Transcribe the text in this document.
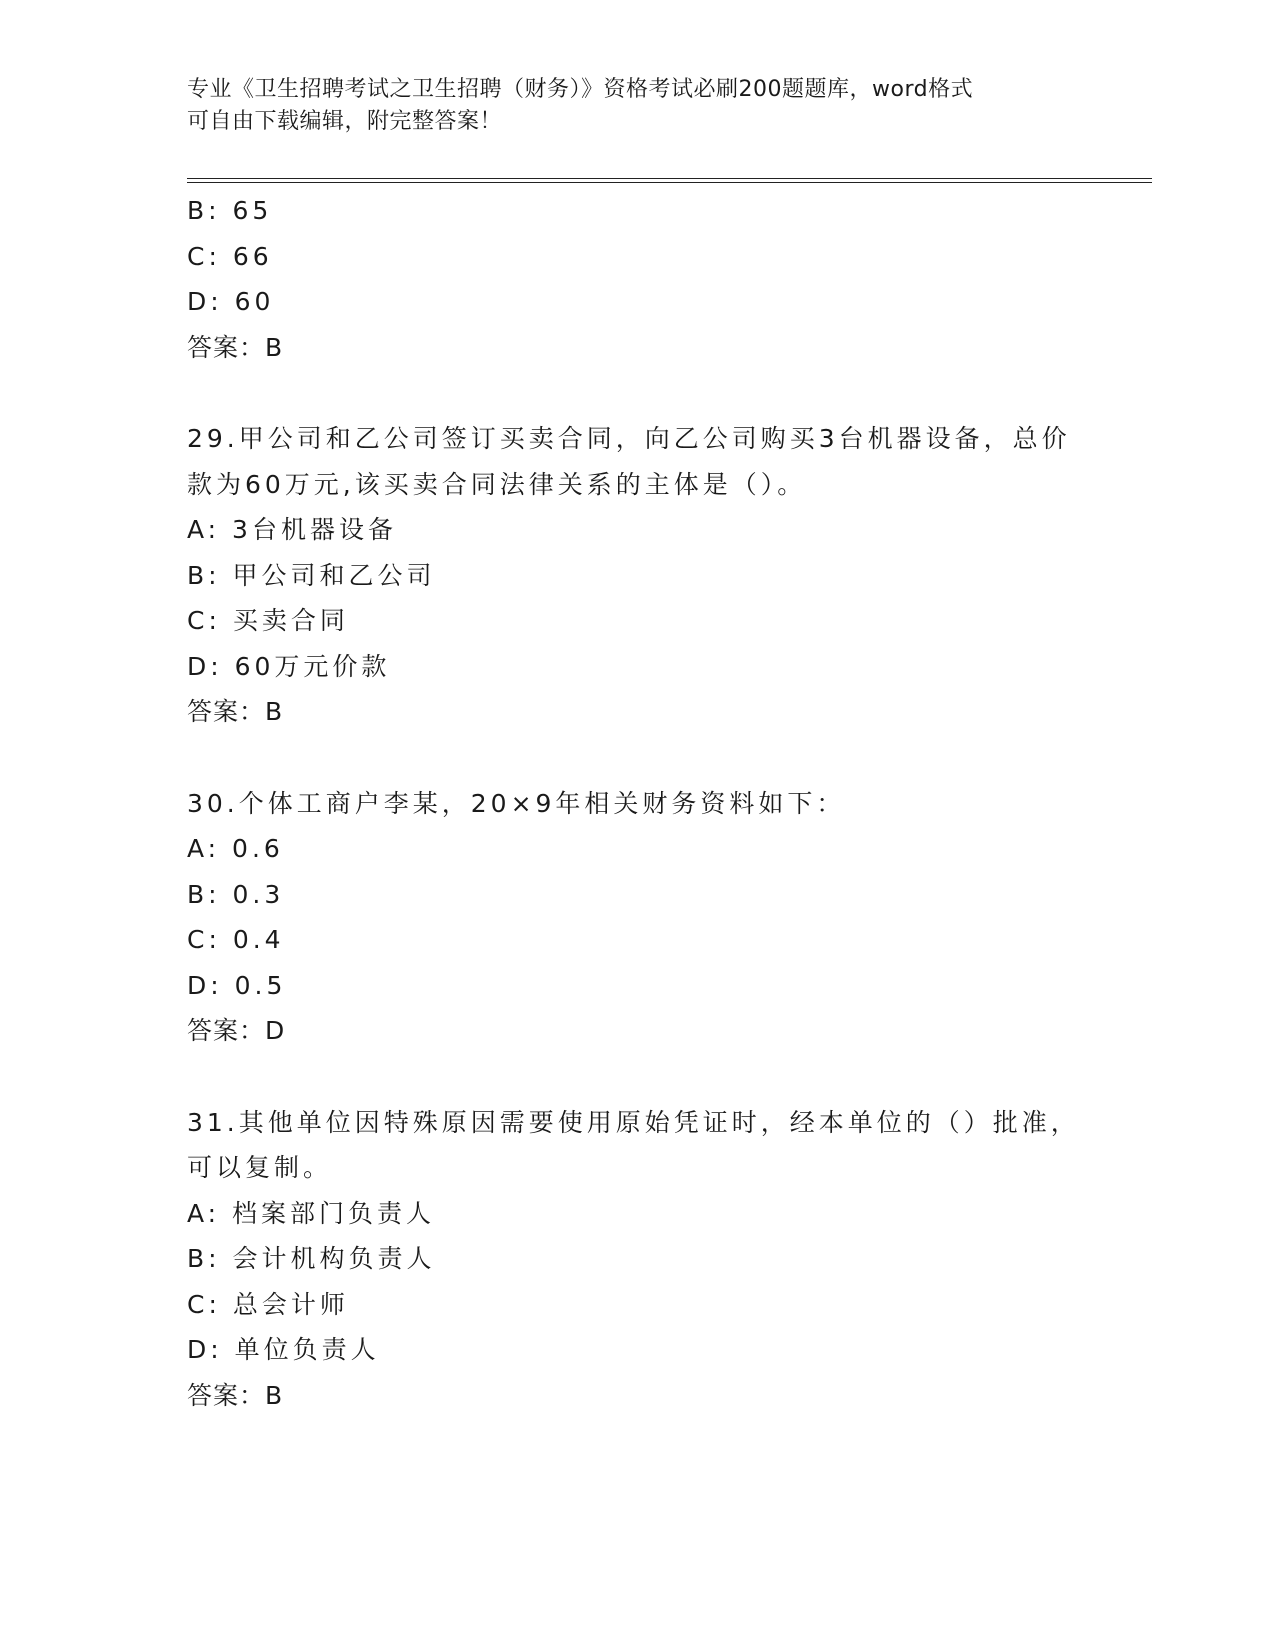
专业《卫生招聘考试之卫生招聘（财务）》资格考试必刷200题题库，word格式
可自由下载编辑，附完整答案！
B: 65
C: 66
D: 60
答案：B
29.甲公司和乙公司签订买卖合同，向乙公司购买3台机器设备，总价
款为60万元,该买卖合同法律关系的主体是（）。
A: 3台机器设备
B: 甲公司和乙公司
C: 买卖合同
D: 60万元价款
答案：B
30.个体工商户李某，20×9年相关财务资料如下：
A: 0.6
B: 0.3
C: 0.4
D: 0.5
答案：D
31.其他单位因特殊原因需要使用原始凭证时，经本单位的（）批准，
可以复制。
A: 档案部门负责人
B: 会计机构负责人
C: 总会计师
D: 单位负责人
答案：B
